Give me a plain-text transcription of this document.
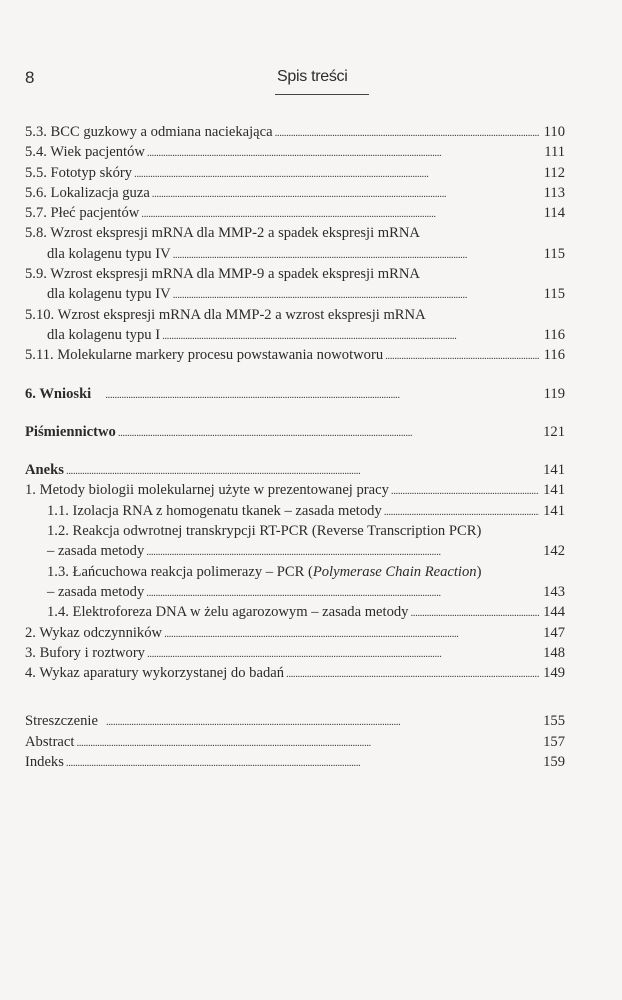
8	Spis treści
5.3. BCC guzkowy a odmiana naciekająca . . .	110
5.4. Wiek pacjentów . . .	111
5.5. Fototyp skóry . . .	112
5.6. Lokalizacja guza . . .	113
5.7. Płeć pacjentów . . .	114
5.8. Wzrost ekspresji mRNA dla MMP-2 a spadek ekspresji mRNA
dla kolagenu typu IV . . .	115
5.9. Wzrost ekspresji mRNA dla MMP-9 a spadek ekspresji mRNA
dla kolagenu typu IV . . .	115
5.10. Wzrost ekspresji mRNA dla MMP-2 a wzrost ekspresji mRNA
dla kolagenu typu I . . .	116
5.11. Molekularne markery procesu powstawania nowotworu . . .	116
6. Wnioski . . .	119
Piśmiennictwo . . .	121
Aneks . . .	141
1. Metody biologii molekularnej użyte w prezentowanej pracy . . .	141
1.1. Izolacja RNA z homogenatu tkanek – zasada metody . . .	141
1.2. Reakcja odwrotnej transkrypcji RT-PCR (Reverse Transcription PCR)
– zasada metody . . .	142
1.3. Łańcuchowa reakcja polimerazy – PCR (Polymerase Chain Reaction)
– zasada metody . . .	143
1.4. Elektroforeza DNA w żelu agarozowym – zasada metody . . .	144
2. Wykaz odczynników . . .	147
3. Bufory i roztwory . . .	148
4. Wykaz aparatury wykorzystanej do badań . . .	149
Streszczenie . . .	155
Abstract . . .	157
Indeks . . .	159
